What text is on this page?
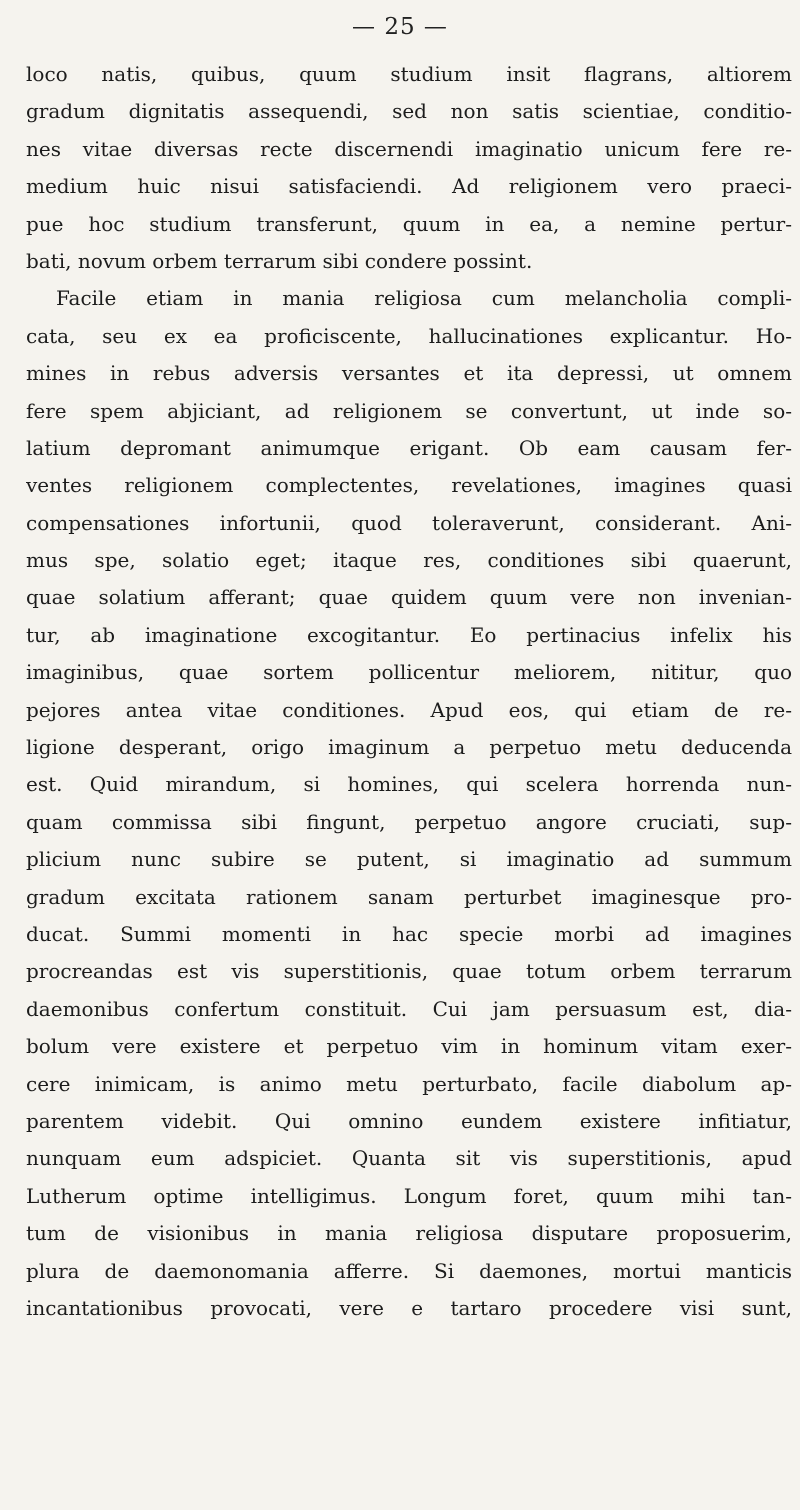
— 25 —
loco natis, quibus, quum studium insit flagrans, altiorem
gradum dignitatis assequendi, sed non satis scientiae, conditio-
nes vitae diversas recte discernendi imaginatio unicum fere re-
medium huic nisui satisfaciendi. Ad religionem vero praeci-
pue hoc studium transferunt, quum in ea, a nemine pertur-
bati, novum orbem terrarum sibi condere possint.
Facile etiam in mania religiosa cum melancholia compli-
cata, seu ex ea proficiscente, hallucinationes explicantur. Ho-
mines in rebus adversis versantes et ita depressi, ut omnem
fere spem abjiciant, ad religionem se convertunt, ut inde so-
latium depromant animumque erigant. Ob eam causam fer-
ventes religionem complectentes, revelationes, imagines quasi
compensationes infortunii, quod toleraverunt, considerant. Ani-
mus spe, solatio eget; itaque res, conditiones sibi quaerunt,
quae solatium afferant; quae quidem quum vere non invenian-
tur, ab imaginatione excogitantur. Eo pertinacius infelix his
imaginibus, quae sortem pollicentur meliorem, nititur, quo
pejores antea vitae conditiones. Apud eos, qui etiam de re-
ligione desperant, origo imaginum a perpetuo metu deducenda
est. Quid mirandum, si homines, qui scelera horrenda nun-
quam commissa sibi fingunt, perpetuo angore cruciati, sup-
plicium nunc subire se putent, si imaginatio ad summum
gradum excitata rationem sanam perturbet imaginesque pro-
ducat. Summi momenti in hac specie morbi ad imagines
procreandas est vis superstitionis, quae totum orbem terrarum
daemonibus confertum constituit. Cui jam persuasum est, dia-
bolum vere existere et perpetuo vim in hominum vitam exer-
cere inimicam, is animo metu perturbato, facile diabolum ap-
parentem videbit. Qui omnino eundem existere infitiatur,
nunquam eum adspiciet. Quanta sit vis superstitionis, apud
Lutherum optime intelligimus. Longum foret, quum mihi tan-
tum de visionibus in mania religiosa disputare proposuerim,
plura de daemonomania afferre. Si daemones, mortui manticis
incantationibus provocati, vere e tartaro procedere visi sunt,
